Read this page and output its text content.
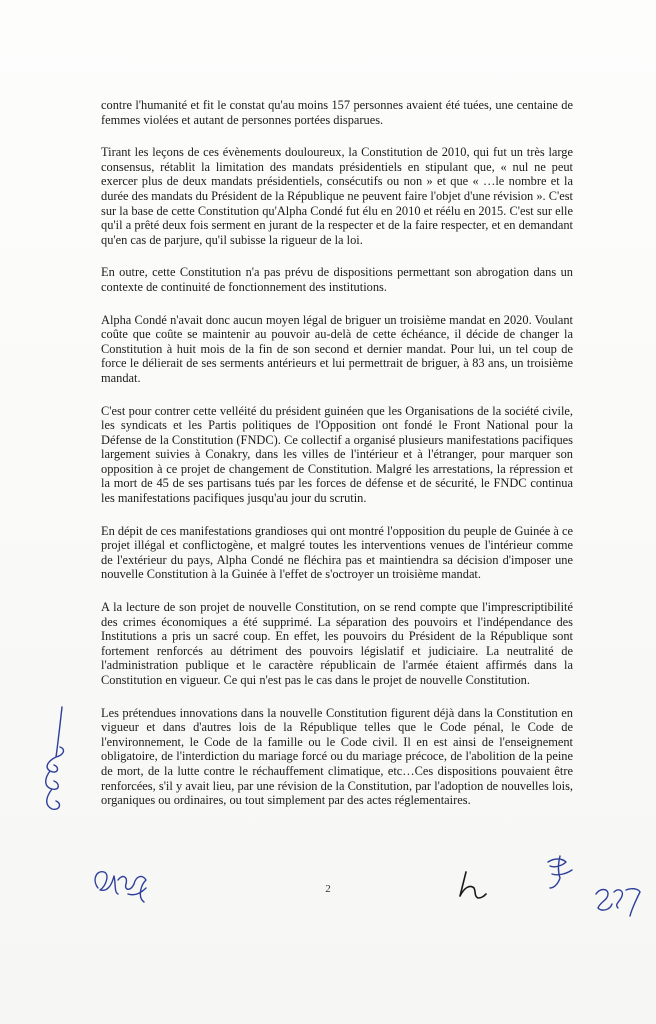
contre l'humanité et fit le constat qu'au moins 157 personnes avaient été tuées, une centaine de femmes violées et autant de personnes portées disparues.

Tirant les leçons de ces évènements douloureux, la Constitution de 2010, qui fut un très large consensus, rétablit la limitation des mandats présidentiels en stipulant que, « nul ne peut exercer plus de deux mandats présidentiels, consécutifs ou non » et que « …le nombre et la durée des mandats du Président de la République ne peuvent faire l'objet d'une révision ». C'est sur la base de cette Constitution qu'Alpha Condé fut élu en 2010 et réélu en 2015. C'est sur elle qu'il a prêté deux fois serment en jurant de la respecter et de la faire respecter, et en demandant qu'en cas de parjure, qu'il subisse la rigueur de la loi.

En outre, cette Constitution n'a pas prévu de dispositions permettant son abrogation dans un contexte de continuité de fonctionnement des institutions.

Alpha Condé n'avait donc aucun moyen légal de briguer un troisième mandat en 2020. Voulant coûte que coûte se maintenir au pouvoir au-delà de cette échéance, il décide de changer la Constitution à huit mois de la fin de son second et dernier mandat. Pour lui, un tel coup de force le délierait de ses serments antérieurs et lui permettrait de briguer, à 83 ans, un troisième mandat.

C'est pour contrer cette velléité du président guinéen que les Organisations de la société civile, les syndicats et les Partis politiques de l'Opposition ont fondé le Front National pour la Défense de la Constitution (FNDC). Ce collectif a organisé plusieurs manifestations pacifiques largement suivies à Conakry, dans les villes de l'intérieur et à l'étranger, pour marquer son opposition à ce projet de changement de Constitution. Malgré les arrestations, la répression et la mort de 45 de ses partisans tués par les forces de défense et de sécurité, le FNDC continua les manifestations pacifiques jusqu'au jour du scrutin.

En dépit de ces manifestations grandioses qui ont montré l'opposition du peuple de Guinée à ce projet illégal et conflictogène, et malgré toutes les interventions venues de l'intérieur comme de l'extérieur du pays, Alpha Condé ne fléchira pas et maintiendra sa décision d'imposer une nouvelle Constitution à la Guinée à l'effet de s'octroyer un troisième mandat.

A la lecture de son projet de nouvelle Constitution, on se rend compte que l'imprescriptibilité des crimes économiques a été supprimé. La séparation des pouvoirs et l'indépendance des Institutions a pris un sacré coup. En effet, les pouvoirs du Président de la République sont fortement renforcés au détriment des pouvoirs législatif et judiciaire. La neutralité de l'administration publique et le caractère républicain de l'armée étaient affirmés dans la Constitution en vigueur. Ce qui n'est pas le cas dans le projet de nouvelle Constitution.

Les prétendues innovations dans la nouvelle Constitution figurent déjà dans la Constitution en vigueur et dans d'autres lois de la République telles que le Code pénal, le Code de l'environnement, le Code de la famille ou le Code civil. Il en est ainsi de l'enseignement obligatoire, de l'interdiction du mariage forcé ou du mariage précoce, de l'abolition de la peine de mort, de la lutte contre le réchauffement climatique, etc…Ces dispositions pouvaient être renforcées, s'il y avait lieu, par une révision de la Constitution, par l'adoption de nouvelles lois, organiques ou ordinaires, ou tout simplement par des actes réglementaires.

2
